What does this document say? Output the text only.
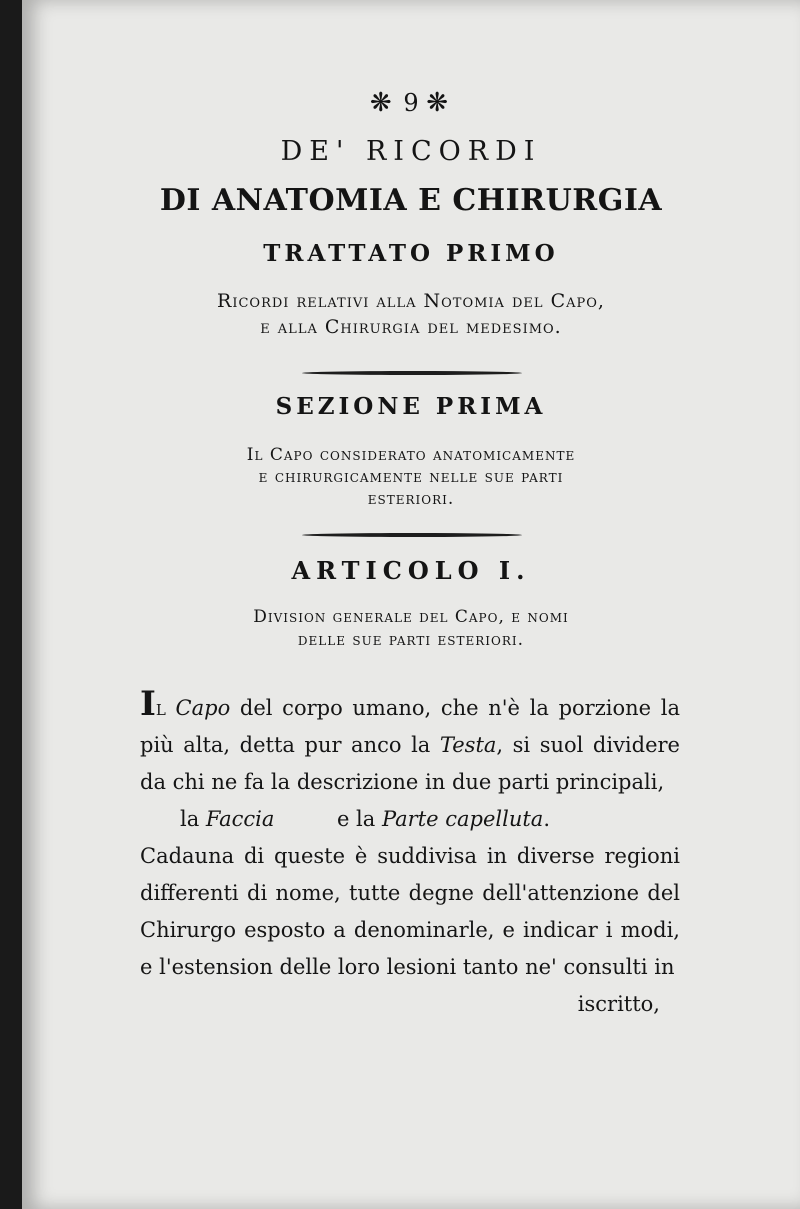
❋ 9 ❋
DE' RICORDI
DI ANATOMIA E CHIRURGIA
TRATTATO PRIMO
Ricordi relativi alla Notomia del Capo,
e alla Chirurgia del medesimo.
SEZIONE PRIMA
Il Capo considerato anatomicamente
e chirurgicamente nelle sue parti
esteriori.
ARTICOLO I.
Division generale del Capo, e nomi
delle sue parti esteriori.

Il Capo del corpo umano, che n'è la porzione la più alta, detta pur anco la Testa, si suol dividere da chi ne fa la descrizione in due parti principali,

la Faccia	e la Parte capelluta.

Cadauna di queste è suddivisa in diverse regioni differenti di nome, tutte degne dell'attenzione del Chirurgo esposto a denominarle, e indicar i modi, e l'estension delle loro lesioni tanto ne' consulti in

iscritto,
